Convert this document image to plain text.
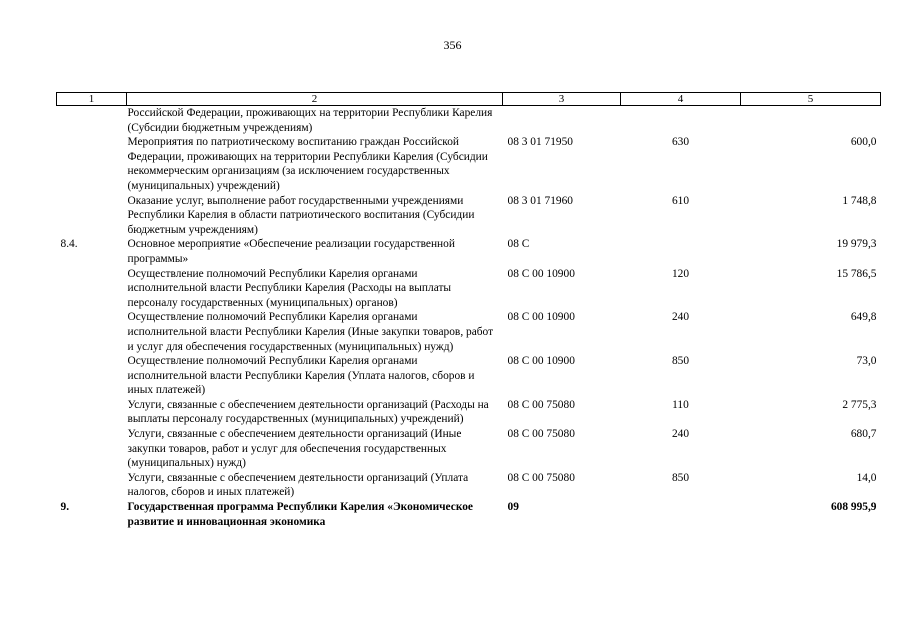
356
1	2	3	4	5
	Российской Федерации, проживающих на территории Республики Карелия (Субсидии бюджетным учреждениям)			
	Мероприятия по патриотическому воспитанию граждан Российской Федерации, проживающих на территории Республики Карелия (Субсидии некоммерческим организациям (за исключением государственных (муниципальных) учреждений)	08 3 01 71950	630	600,0
	Оказание услуг, выполнение работ государственными учреждениями Республики Карелия в области патриотического воспитания (Субсидии бюджетным учреждениям)	08 3 01 71960	610	1 748,8
8.4.	Основное мероприятие «Обеспечение реализации государственной программы»	08 С		19 979,3
	Осуществление полномочий Республики Карелия органами исполнительной власти Республики Карелия (Расходы на выплаты персоналу государственных (муниципальных) органов)	08 С 00 10900	120	15 786,5
	Осуществление полномочий Республики Карелия органами исполнительной власти Республики Карелия (Иные закупки товаров, работ и услуг для обеспечения государственных (муниципальных) нужд)	08 С 00 10900	240	649,8
	Осуществление полномочий Республики Карелия органами исполнительной власти Республики Карелия (Уплата налогов, сборов и иных платежей)	08 С 00 10900	850	73,0
	Услуги, связанные с обеспечением деятельности организаций (Расходы на выплаты персоналу государственных (муниципальных) учреждений)	08 С 00 75080	110	2 775,3
	Услуги, связанные с обеспечением деятельности организаций (Иные закупки товаров, работ и услуг для обеспечения государственных (муниципальных) нужд)	08 С 00 75080	240	680,7
	Услуги, связанные с обеспечением деятельности организаций (Уплата налогов, сборов и иных платежей)	08 С 00 75080	850	14,0
9.	Государственная программа Республики Карелия «Экономическое развитие и инновационная экономика	09		608 995,9
